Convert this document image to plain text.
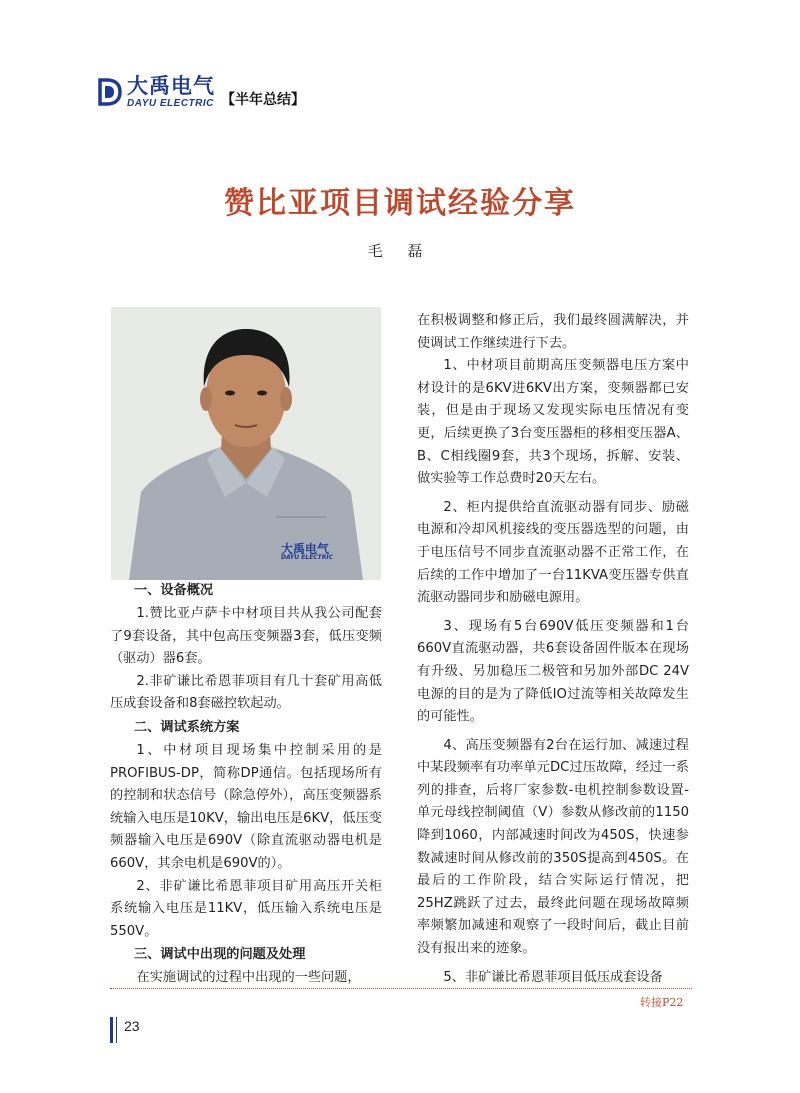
大禹电气
DAYU ELECTRIC 【半年总结】
赞比亚项目调试经验分享
毛 磊
大禹电气
DAYU ELECTRIC
一、设备概况

1.赞比亚卢萨卡中材项目共从我公司配套了9套设备，其中包高压变频器3套，低压变频（驱动）器6套。

2.非矿谦比希恩菲项目有几十套矿用高低压成套设备和8套磁控软起动。

二、调试系统方案

1、中材项目现场集中控制采用的是PROFIBUS-DP，简称DP通信。包括现场所有的控制和状态信号（除急停外），高压变频器系统输入电压是10KV，输出电压是6KV，低压变频器输入电压是690V（除直流驱动器电机是660V，其余电机是690V的）。

2、非矿谦比希恩菲项目矿用高压开关柜系统输入电压是11KV，低压输入系统电压是550V。

三、调试中出现的问题及处理

在实施调试的过程中出现的一些问题，

在积极调整和修正后，我们最终圆满解决，并使调试工作继续进行下去。

1、中材项目前期高压变频器电压方案中材设计的是6KV进6KV出方案，变频器都已安装，但是由于现场又发现实际电压情况有变更，后续更换了3台变压器柜的移相变压器A、B、C相线圈9套，共3个现场，拆解、安装、做实验等工作总费时20天左右。

2、柜内提供给直流驱动器有同步、励磁电源和冷却风机接线的变压器选型的问题，由于电压信号不同步直流驱动器不正常工作，在后续的工作中增加了一台11KVA变压器专供直流驱动器同步和励磁电源用。

3、现场有5台690V低压变频器和1台660V直流驱动器，共6套设备固件版本在现场有升级、另加稳压二极管和另加外部DC 24V电源的目的是为了降低IO过流等相关故障发生的可能性。

4、高压变频器有2台在运行加、减速过程中某段频率有功率单元DC过压故障，经过一系列的排查，后将厂家参数-电机控制参数设置-单元母线控制阈值（V）参数从修改前的1150降到1060，内部减速时间改为450S，快速参数减速时间从修改前的350S提高到450S。在最后的工作阶段，结合实际运行情况，把25HZ跳跃了过去，最终此问题在现场故障频率频繁加减速和观察了一段时间后，截止目前没有报出来的迹象。

5、非矿谦比希恩菲项目低压成套设备

转接P22
23
